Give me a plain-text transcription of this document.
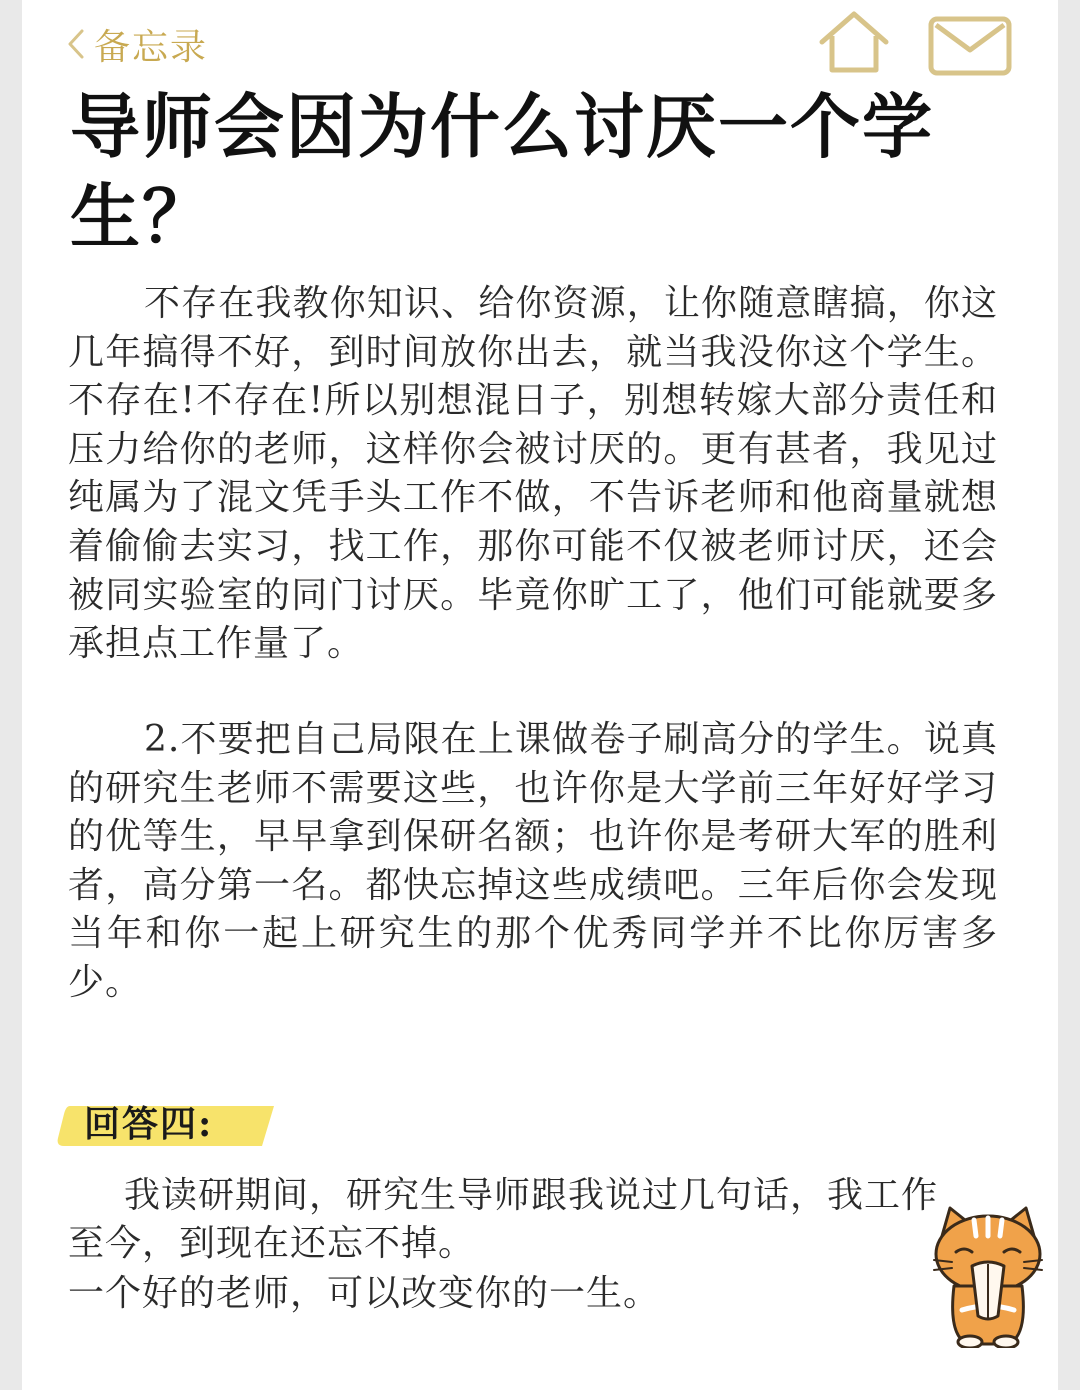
备忘录
导师会因为什么讨厌一个学生？

不存在我教你知识、给你资源，让你随意瞎搞，你这几年搞得不好，到时间放你出去，就当我没你这个学生。不存在!不存在!所以别想混日子，别想转嫁大部分责任和压力给你的老师，这样你会被讨厌的。更有甚者，我见过纯属为了混文凭手头工作不做，不告诉老师和他商量就想着偷偷去实习，找工作，那你可能不仅被老师讨厌，还会被同实验室的同门讨厌。毕竟你旷工了，他们可能就要多承担点工作量了。

2.不要把自己局限在上课做卷子刷高分的学生。说真的研究生老师不需要这些，也许你是大学前三年好好学习的优等生，早早拿到保研名额；也许你是考研大军的胜利者，高分第一名。都快忘掉这些成绩吧。三年后你会发现当年和你一起上研究生的那个优秀同学并不比你厉害多少。

回答四:

我读研期间，研究生导师跟我说过几句话，我工作至今，到现在还忘不掉。

一个好的老师，可以改变你的一生。
